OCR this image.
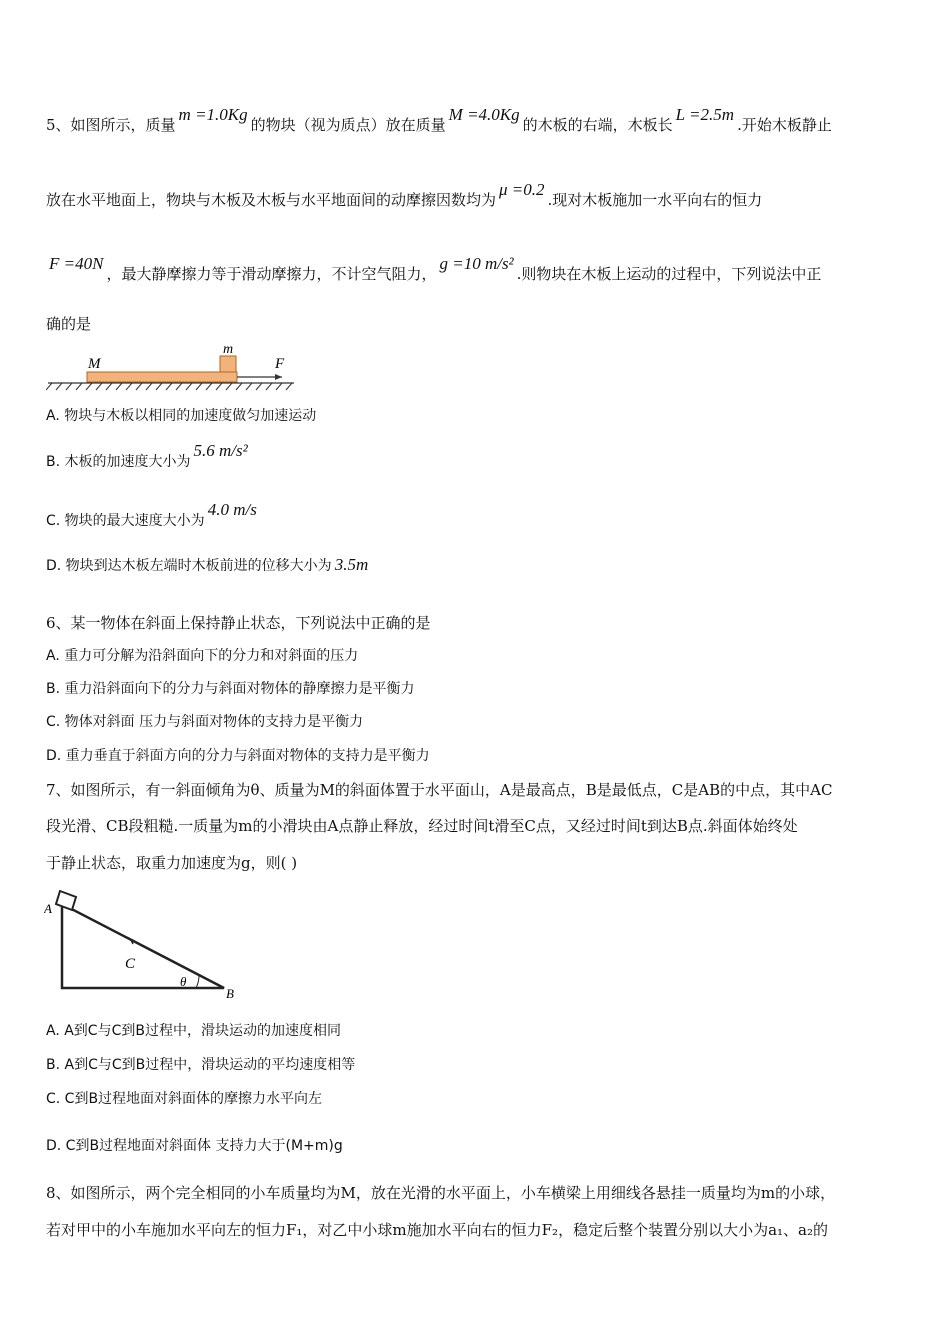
5、如图所示，质量m =1.0Kg的物块（视为质点）放在质量M =4.0Kg的木板的右端，木板长L =2.5m.开始木板静止
放在水平地面上，物块与木板及木板与水平地面间的动摩擦因数均为μ =0.2.现对木板施加一水平向右的恒力
F =40N，最大静摩擦力等于滑动摩擦力，不计空气阻力，g =10 m/s².则物块在木板上运动的过程中，下列说法中正
确的是
M
m
F
A. 物块与木板以相同的加速度做匀加速运动
B. 木板的加速度大小为5.6 m/s²
C. 物块的最大速度大小为4.0 m/s
D. 物块到达木板左端时木板前进的位移大小为 3.5m
6、某一物体在斜面上保持静止状态，下列说法中正确的是
A. 重力可分解为沿斜面向下的分力和对斜面的压力
B. 重力沿斜面向下的分力与斜面对物体的静摩擦力是平衡力
C. 物体对斜面 压力与斜面对物体的支持力是平衡力
D. 重力垂直于斜面方向的分力与斜面对物体的支持力是平衡力
7、如图所示，有一斜面倾角为θ、质量为M的斜面体置于水平面山，A是最高点，B是最低点，C是AB的中点，其中AC
段光滑、CB段粗糙.一质量为m的小滑块由A点静止释放，经过时间t滑至C点，又经过时间t到达B点.斜面体始终处
于静止状态，取重力加速度为g，则( )
A
C
θ
B
A. A到C与C到B过程中，滑块运动的加速度相同
B. A到C与C到B过程中，滑块运动的平均速度相等
C. C到B过程地面对斜面体的摩擦力水平向左
D. C到B过程地面对斜面体 支持力大于(M+m)g
8、如图所示，两个完全相同的小车质量均为M，放在光滑的水平面上，小车横梁上用细线各悬挂一质量均为m的小球，
若对甲中的小车施加水平向左的恒力F₁，对乙中小球m施加水平向右的恒力F₂，稳定后整个装置分别以大小为a₁、a₂的
